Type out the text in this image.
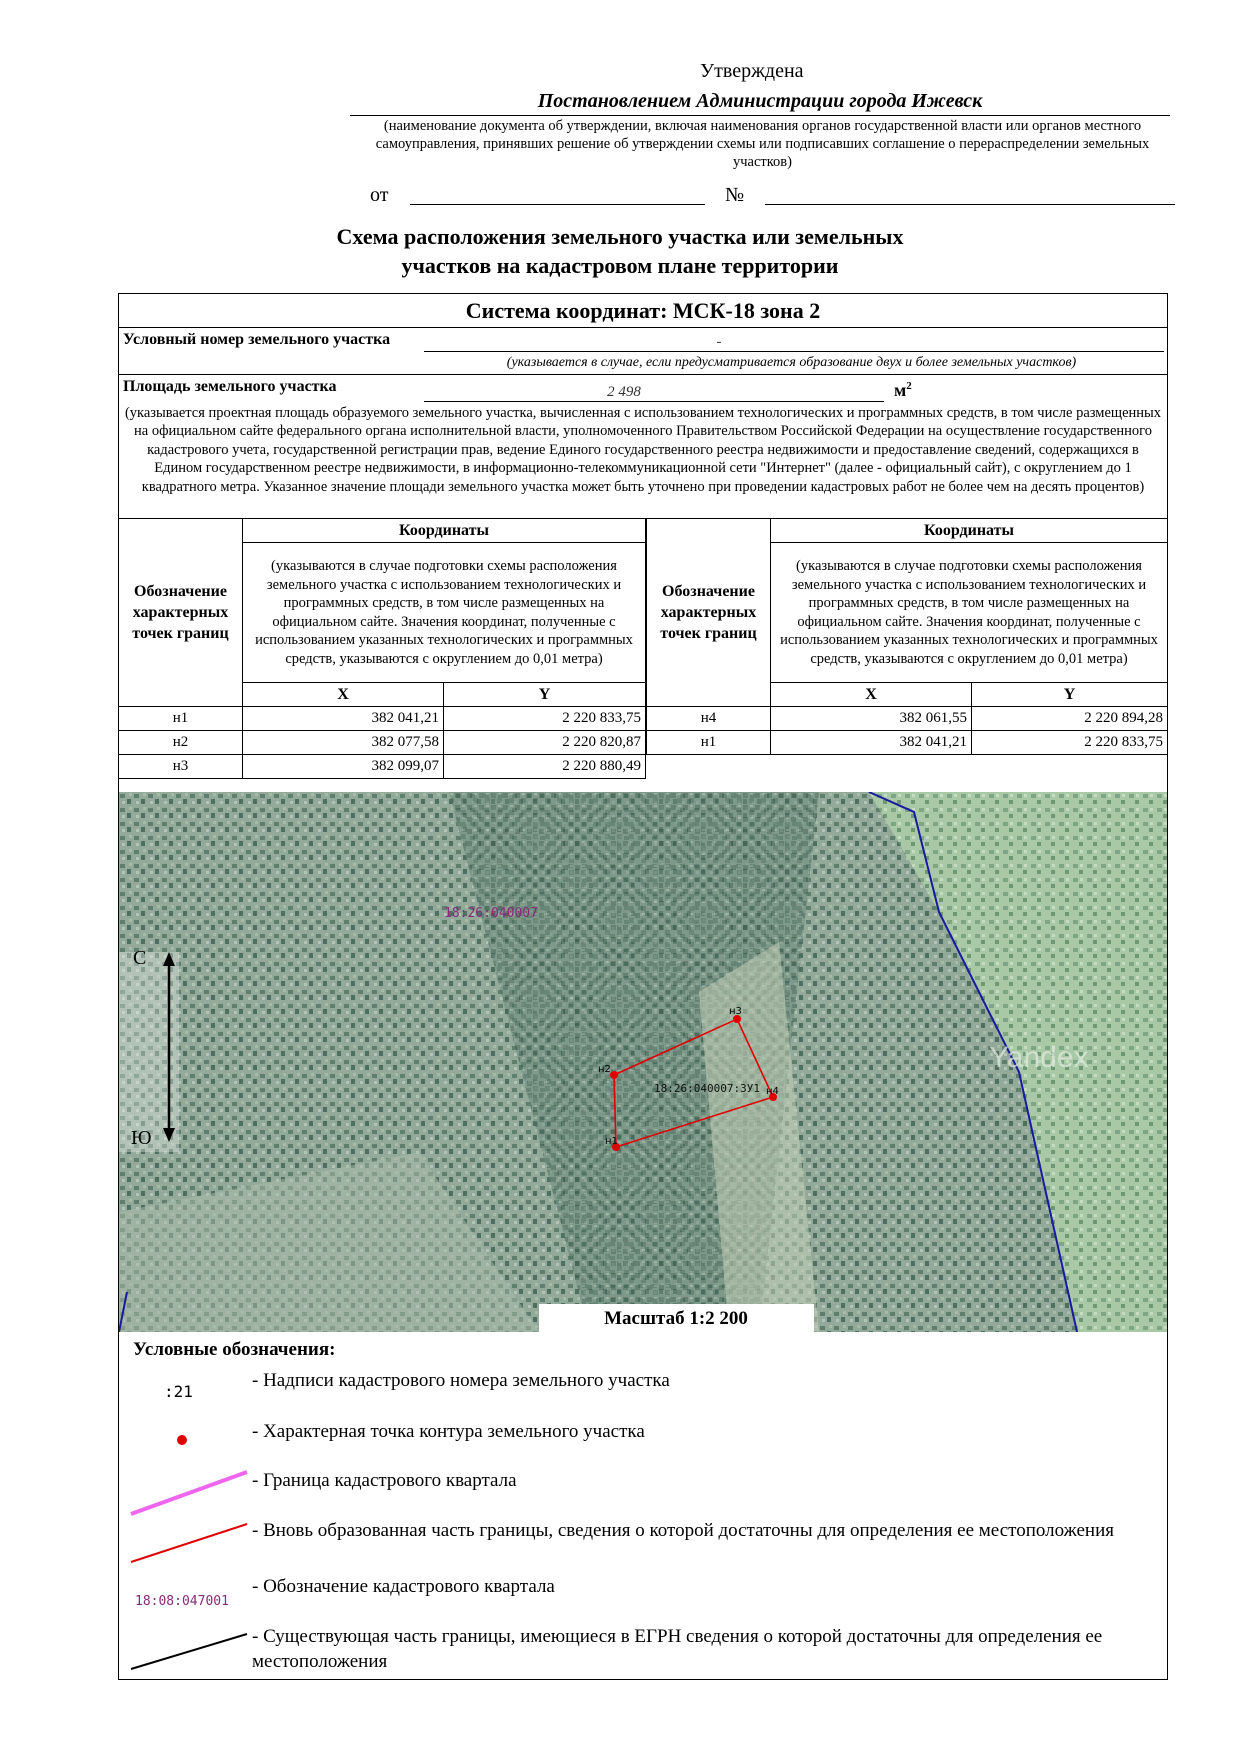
Утверждена
Постановлением Администрации города Ижевск
(наименование документа об утверждении, включая наименования органов государственной власти или органов местного самоуправления, принявших решение об утверждении схемы или подписавших соглашение о перераспределении земельных участков)
от	№
Схема расположения земельного участка или земельных
участков на кадастровом плане территории
Система координат: МСК-18 зона 2
Условный номер земельного участка	-
(указывается в случае, если предусматривается образование двух и более земельных участков)
Площадь земельного участка	2 498	$м^2$
(указывается проектная площадь образуемого земельного участка, вычисленная с использованием технологических и программных средств, в том числе размещенных на официальном сайте федерального органа исполнительной власти, уполномоченного Правительством Российской Федерации на осуществление государственного кадастрового учета, государственной регистрации прав, ведение Единого государственного реестра недвижимости и предоставление сведений, содержащихся в Едином государственном реестре недвижимости, в информационно-телекоммуникационной сети "Интернет" (далее - официальный сайт), с округлением до 1 квадратного метра. Указанное значение площади земельного участка может быть уточнено при проведении кадастровых работ не более чем на десять процентов)
Обозначение характерных точек границ	Координаты	
	(указываются в случае подготовки схемы расположения земельного участка с использованием технологических и программных средств, в том числе размещенных на официальном сайте. Значения координат, полученные с использованием указанных технологических и программных средств, указываются с округлением до 0,01 метра)	
	X	Y
н1	382 041,21	2 220 833,75
н2	382 077,58	2 220 820,87
н3	382 099,07	2 220 880,49
Обозначение характерных точек границ	Координаты	
	(указываются в случае подготовки схемы расположения земельного участка с использованием технологических и программных средств, в том числе размещенных на официальном сайте. Значения координат, полученные с использованием указанных технологических и программных средств, указываются с округлением до 0,01 метра)	
	X	Y
н4	382 061,55	2 220 894,28
н1	382 041,21	2 220 833,75
Yandex
18:26:040007
н1
н2
н3
н4
18:26:040007:ЗУ1
С
Ю
Масштаб 1:2 200
Условные обозначения:
:21
- Надписи кадастрового номера земельного участка
- Характерная точка контура земельного участка
- Граница кадастрового квартала
- Вновь образованная часть границы, сведения о которой достаточны для определения ее местоположения
18:08:047001
- Обозначение кадастрового квартала
- Существующая часть границы, имеющиеся в ЕГРН сведения о которой достаточны для определения ее местоположения
